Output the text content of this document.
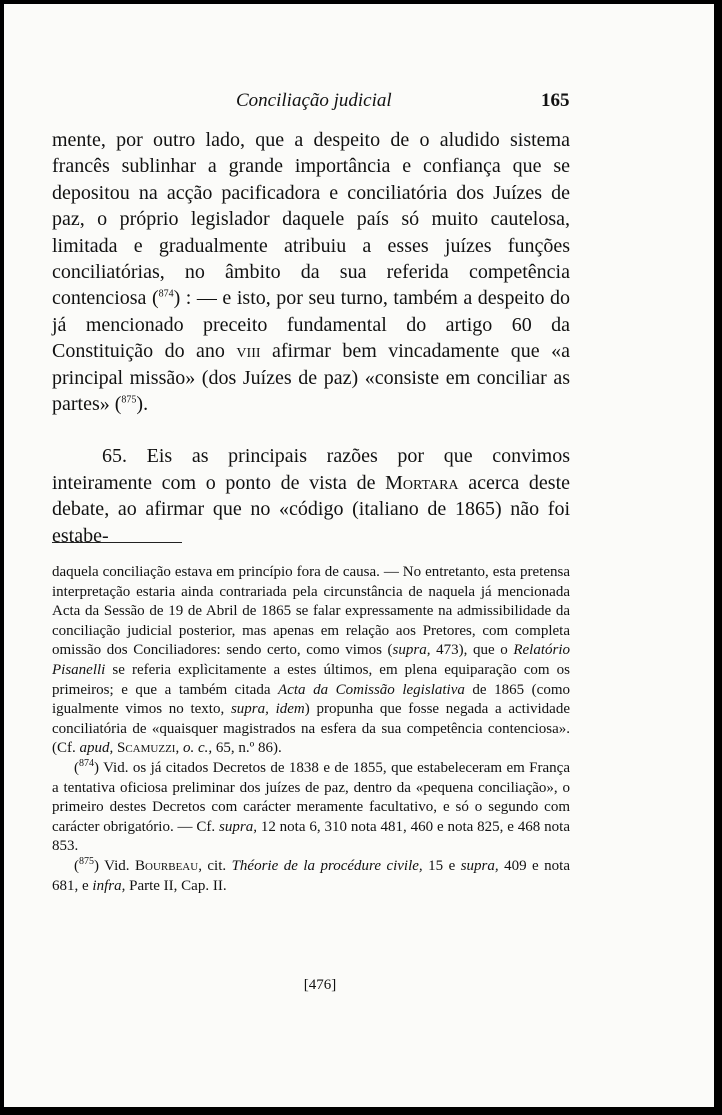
Conciliação judicial	165

mente, por outro lado, que a despeito de o aludido sistema francês sublinhar a grande importância e confiança que se depositou na acção pacificadora e conciliatória dos Juízes de paz, o próprio legislador daquele país só muito cautelosa, limitada e gradualmente atribuiu a esses juízes funções conciliatórias, no âmbito da sua referida competência contenciosa ($^{874}$) : — e isto, por seu turno, também a despeito do já mencionado preceito fundamental do artigo 60 da Constituição do ano viii afirmar bem vincadamente que «a principal missão» (dos Juízes de paz) «consiste em conciliar as partes» ($^{875}$).

65. Eis as principais razões por que convimos inteiramente com o ponto de vista de Mortara acerca deste debate, ao afirmar que no «código (italiano de 1865) não foi estabe-

daquela conciliação estava em princípio fora de causa. — No entretanto, esta pretensa interpretação estaria ainda contrariada pela circunstância de naquela já mencionada Acta da Sessão de 19 de Abril de 1865 se falar expressamente na admissibilidade da conciliação judicial posterior, mas apenas em relação aos Pretores, com completa omissão dos Conciliadores: sendo certo, como vimos (supra, 473), que o Relatório Pisanelli se referia explìcitamente a estes últimos, em plena equiparação com os primeiros; e que a também citada Acta da Comissão legislativa de 1865 (como igualmente vimos no texto, supra, idem) propunha que fosse negada a actividade conciliatória de «quaisquer magistrados na esfera da sua competência contenciosa». (Cf. apud, Scamuzzi, o. c., 65, n.º 86).

($^{874}$) Vid. os já citados Decretos de 1838 e de 1855, que estabeleceram em França a tentativa oficiosa preliminar dos juízes de paz, dentro da «pequena conciliação», o primeiro destes Decretos com carácter meramente facultativo, e só o segundo com carácter obrigatório. — Cf. supra, 12 nota 6, 310 nota 481, 460 e nota 825, e 468 nota 853.

($^{875}$) Vid. Bourbeau, cit. Théorie de la procédure civile, 15 e supra, 409 e nota 681, e infra, Parte II, Cap. II.

[476]
